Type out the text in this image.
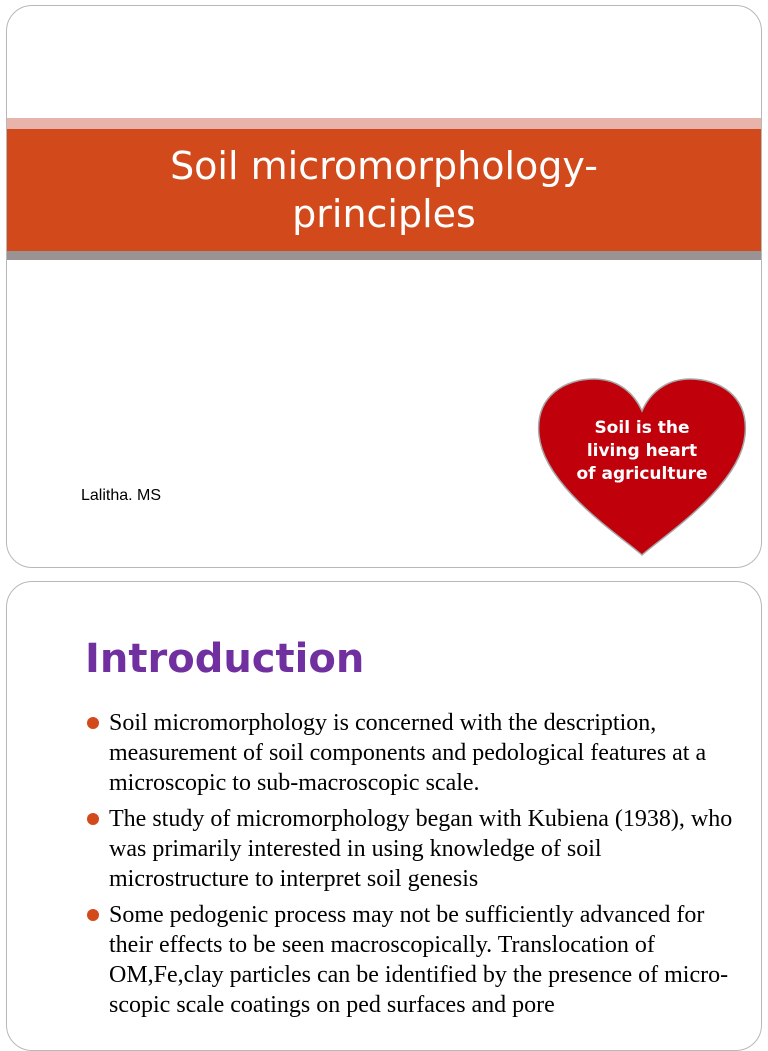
Soil micromorphology-principles
Lalitha. MS
Soil is the living heart of agriculture
Introduction
Soil micromorphology is concerned with the description, measurement of soil components and pedological features at a microscopic to sub-macroscopic scale.
The study of micromorphology began with Kubiena (1938), who was primarily interested in using knowledge of soil microstructure to interpret soil genesis
Some pedogenic process may not be sufficiently advanced for their effects to be seen macroscopically. Translocation of OM,Fe,clay particles can be identified by the presence of micro-scopic scale coatings on ped surfaces and pore
